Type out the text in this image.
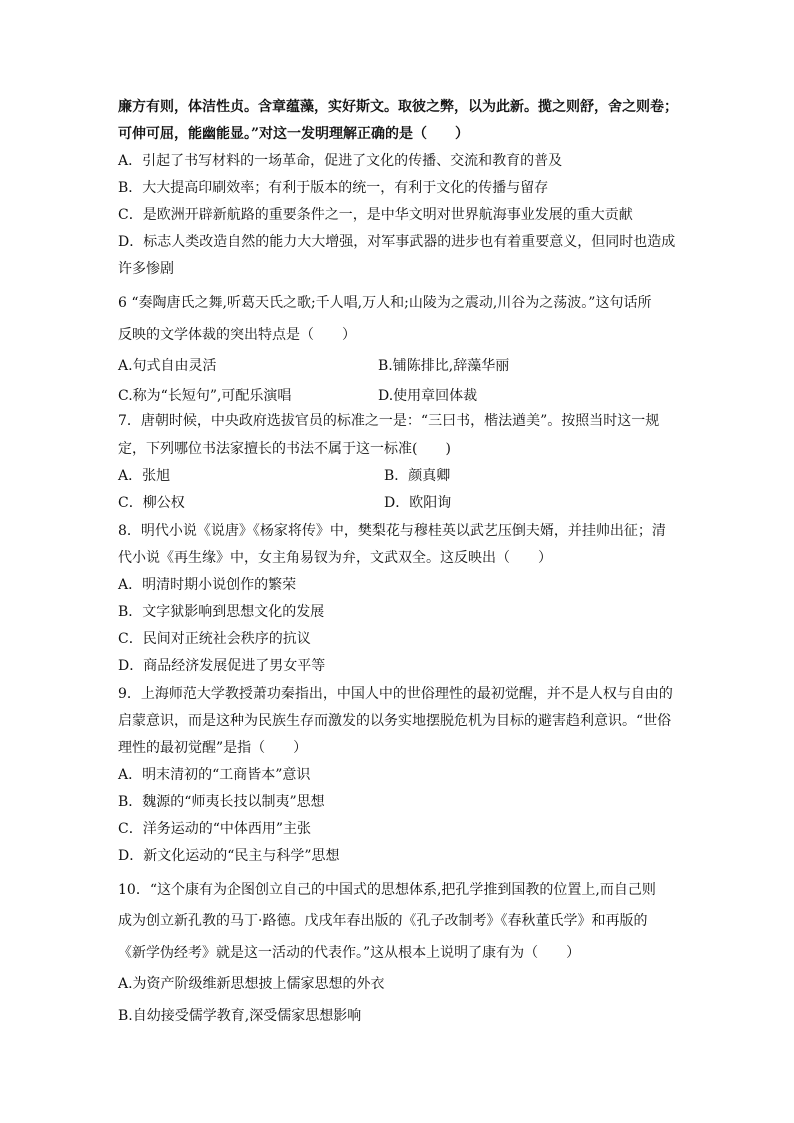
廉方有则，体洁性贞。含章蕴藻，实好斯文。取彼之弊，以为此新。揽之则舒，舍之则卷；
可伸可屈，能幽能显。”对这一发明理解正确的是（　　）
A．引起了书写材料的一场革命，促进了文化的传播、交流和教育的普及
B．大大提高印刷效率；有利于版本的统一，有利于文化的传播与留存
C．是欧洲开辟新航路的重要条件之一，是中华文明对世界航海事业发展的重大贡献
D．标志人类改造自然的能力大大增强，对军事武器的进步也有着重要意义，但同时也造成
许多惨剧
6 “奏陶唐氏之舞,听葛天氏之歌;千人唱,万人和;山陵为之震动,川谷为之荡波。”这句话所
反映的文学体裁的突出特点是（　　）
A.句式自由灵活	B.铺陈排比,辞藻华丽
C.称为“长短句”,可配乐演唱	D.使用章回体裁
7．唐朝时候，中央政府选拔官员的标准之一是：“三曰书，楷法遒美”。按照当时这一规
定，下列哪位书法家擅长的书法不属于这一标准(　　)
A．张旭	B．颜真卿
C．柳公权	D．欧阳询
8．明代小说《说唐》《杨家将传》中，樊梨花与穆桂英以武艺压倒夫婿，并挂帅出征；清
代小说《再生缘》中，女主角易钗为弁，文武双全。这反映出（　　）
A．明清时期小说创作的繁荣
B．文字狱影响到思想文化的发展
C．民间对正统社会秩序的抗议
D．商品经济发展促进了男女平等
9．上海师范大学教授萧功秦指出，中国人中的世俗理性的最初觉醒，并不是人权与自由的
启蒙意识，而是这种为民族生存而激发的以务实地摆脱危机为目标的避害趋利意识。“世俗
理性的最初觉醒”是指（　　）
A．明末清初的“工商皆本”意识
B．魏源的“师夷长技以制夷”思想
C．洋务运动的“中体西用”主张
D．新文化运动的“民主与科学”思想
10．“这个康有为企图创立自己的中国式的思想体系,把孔学推到国教的位置上,而自己则
成为创立新孔教的马丁·路德。戊戌年春出版的《孔子改制考》《春秋董氏学》和再版的
《新学伪经考》就是这一活动的代表作。”这从根本上说明了康有为（　　）
A.为资产阶级维新思想披上儒家思想的外衣
B.自幼接受儒学教育,深受儒家思想影响
